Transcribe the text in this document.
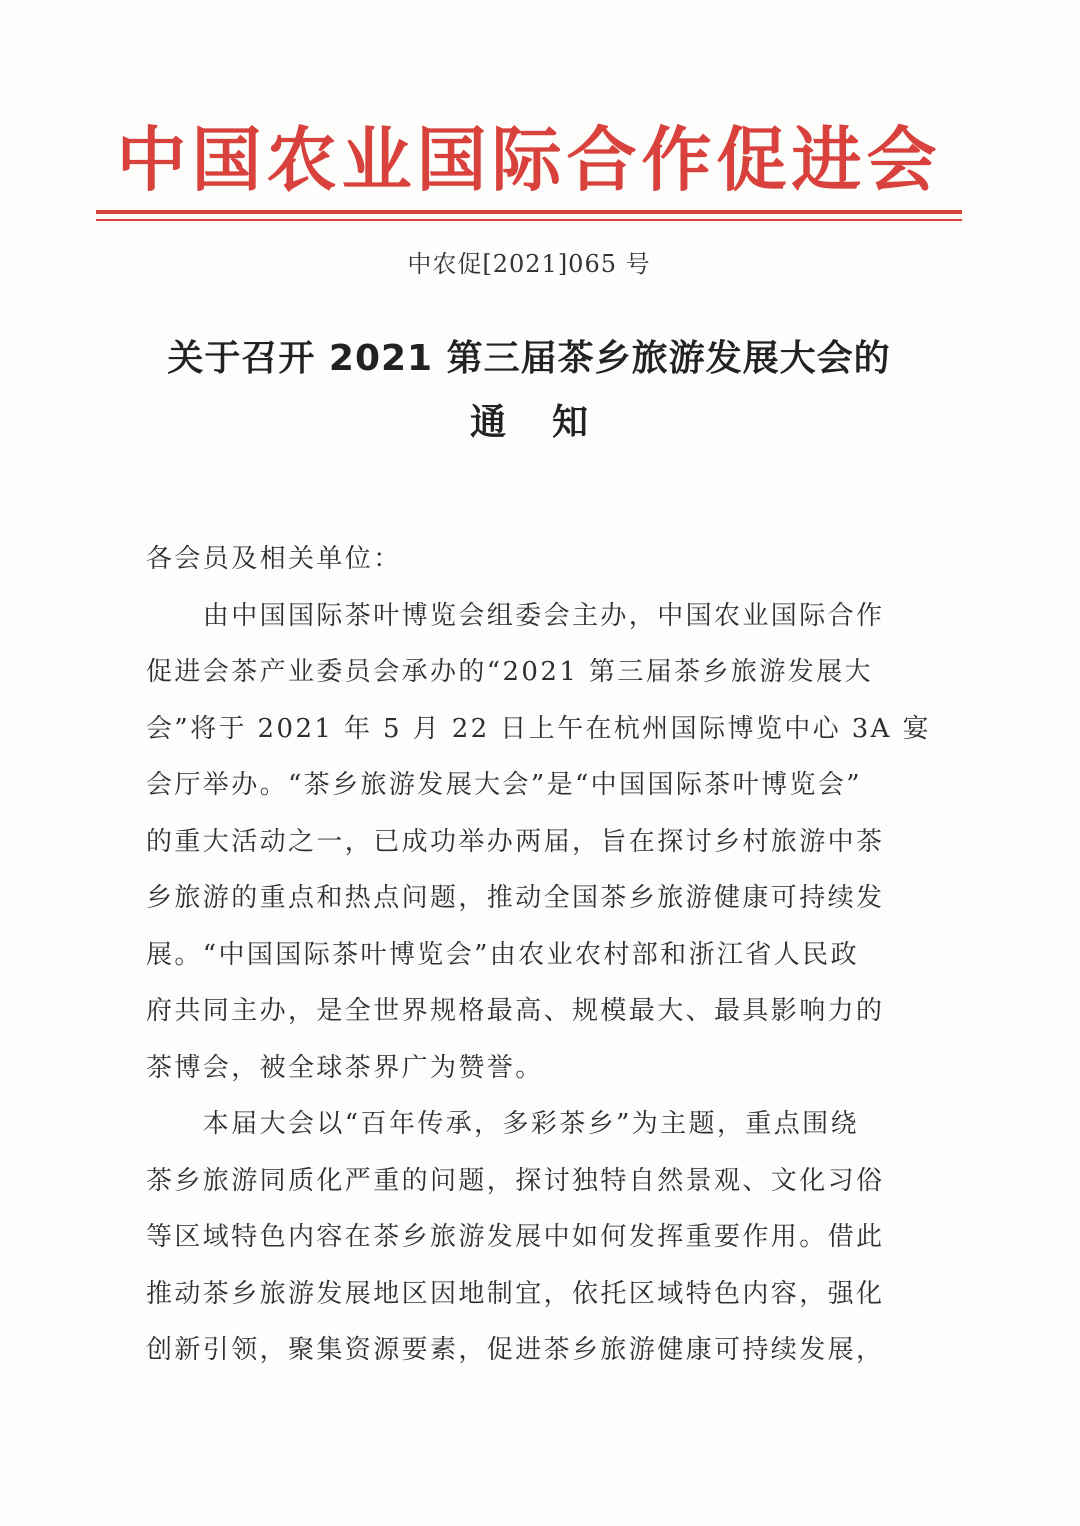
中国农业国际合作促进会
中农促[2021]065 号
关于召开 2021 第三届茶乡旅游发展大会的
通 知
各会员及相关单位：
　　由中国国际茶叶博览会组委会主办，中国农业国际合作
促进会茶产业委员会承办的“2021 第三届茶乡旅游发展大
会”将于 2021 年 5 月 22 日上午在杭州国际博览中心 3A 宴
会厅举办。“茶乡旅游发展大会”是“中国国际茶叶博览会”
的重大活动之一，已成功举办两届，旨在探讨乡村旅游中茶
乡旅游的重点和热点问题，推动全国茶乡旅游健康可持续发
展。“中国国际茶叶博览会”由农业农村部和浙江省人民政
府共同主办，是全世界规格最高、规模最大、最具影响力的
茶博会，被全球茶界广为赞誉。
　　本届大会以“百年传承，多彩茶乡”为主题，重点围绕
茶乡旅游同质化严重的问题，探讨独特自然景观、文化习俗
等区域特色内容在茶乡旅游发展中如何发挥重要作用。借此
推动茶乡旅游发展地区因地制宜，依托区域特色内容，强化
创新引领，聚集资源要素，促进茶乡旅游健康可持续发展，
